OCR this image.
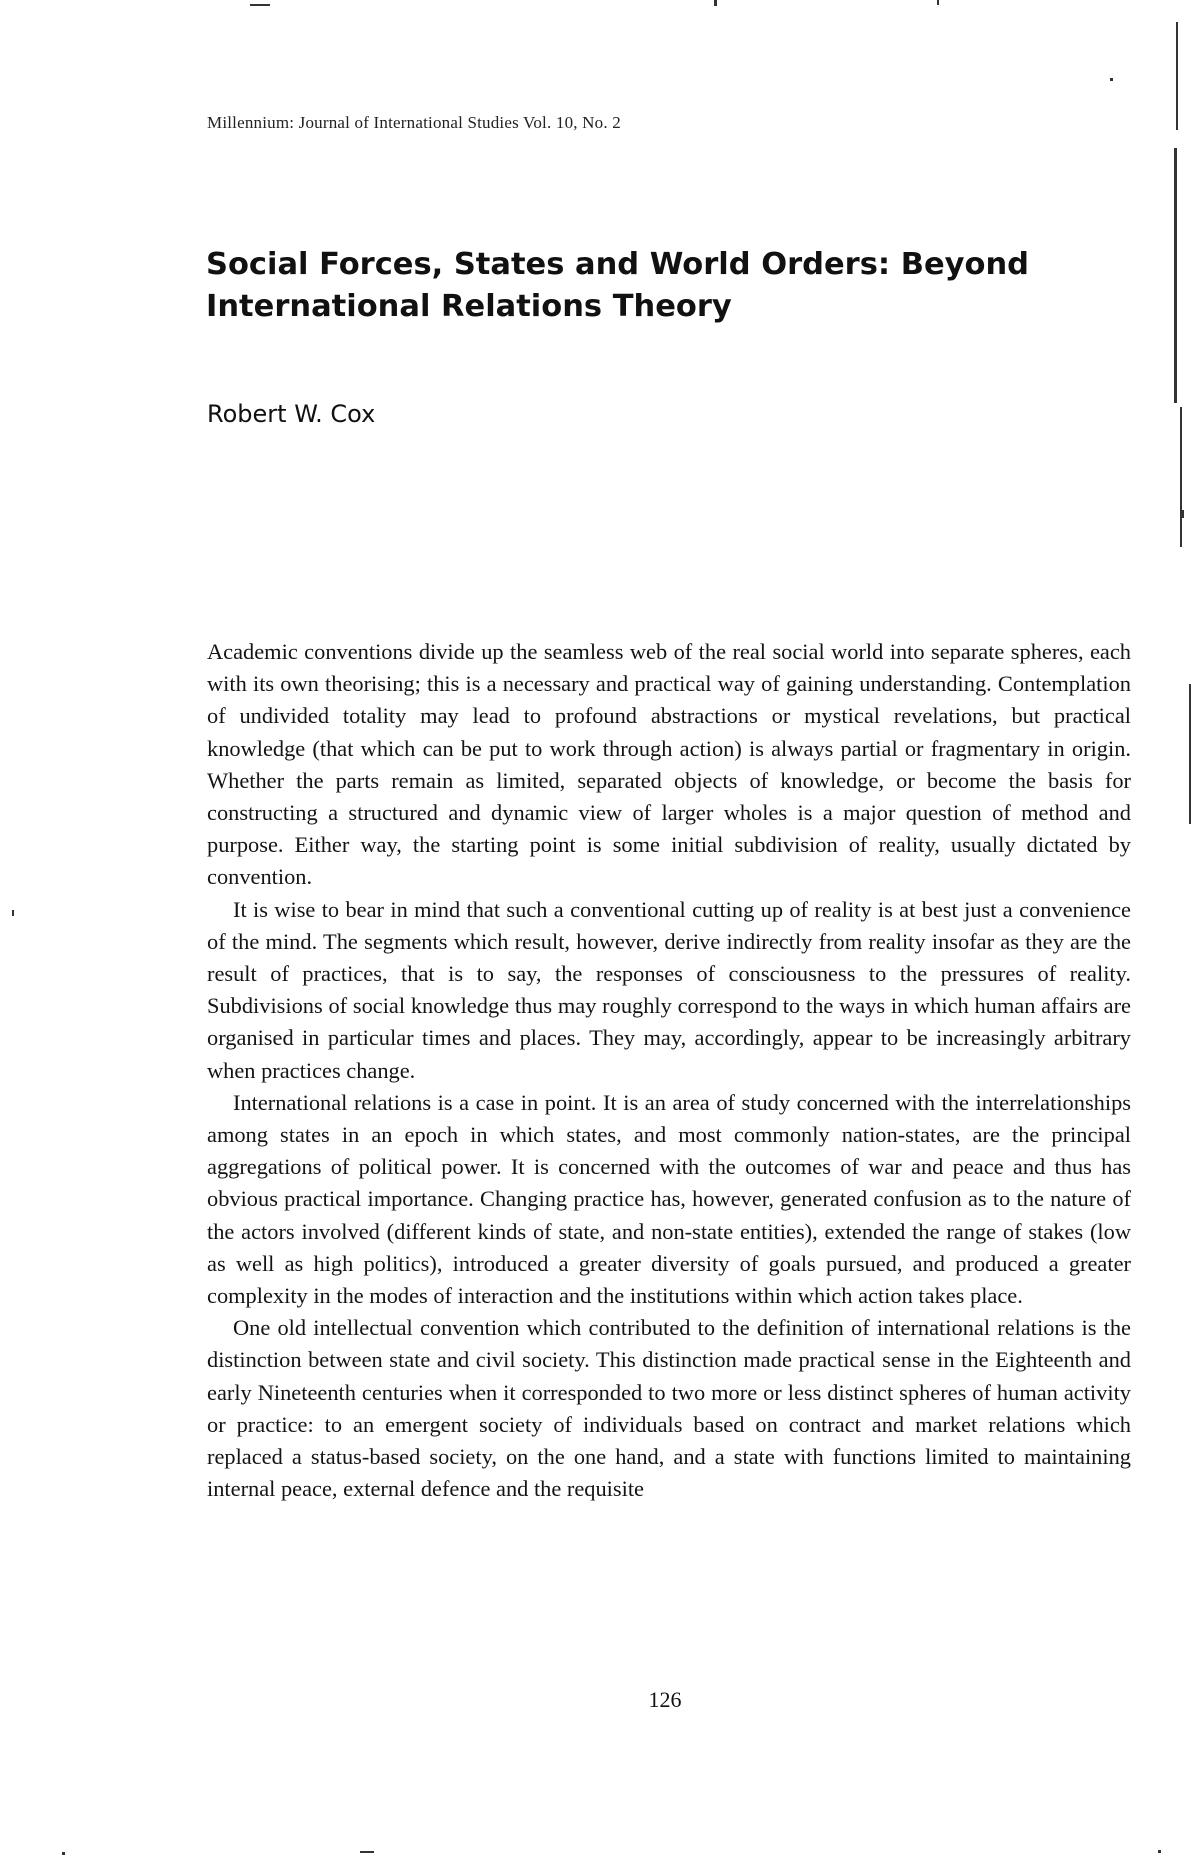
Millennium: Journal of International Studies Vol. 10, No. 2
Social Forces, States and World Orders: Beyond
International Relations Theory
Robert W. Cox

Academic conventions divide up the seamless web of the real social world into separate spheres, each with its own theorising; this is a necessary and practical way of gaining understanding. Contemplation of undivided totality may lead to profound abstractions or mystical revelations, but practical knowledge (that which can be put to work through action) is always partial or fragmentary in origin. Whether the parts remain as limited, separated objects of knowledge, or become the basis for constructing a structured and dynamic view of larger wholes is a major question of method and purpose. Either way, the starting point is some initial subdivision of reality, usually dictated by convention.

It is wise to bear in mind that such a conventional cutting up of reality is at best just a convenience of the mind. The segments which result, however, derive indirectly from reality insofar as they are the result of practices, that is to say, the responses of consciousness to the pressures of reality. Subdivisions of social knowledge thus may roughly correspond to the ways in which human affairs are organised in particular times and places. They may, accordingly, appear to be increasingly arbitrary when practices change.

International relations is a case in point. It is an area of study concerned with the interrelationships among states in an epoch in which states, and most commonly nation-states, are the principal aggregations of political power. It is concerned with the outcomes of war and peace and thus has obvious practical importance. Changing practice has, however, generated confusion as to the nature of the actors involved (different kinds of state, and non-state entities), extended the range of stakes (low as well as high politics), introduced a greater diversity of goals pursued, and produced a greater complexity in the modes of interaction and the institutions within which action takes place.

One old intellectual convention which contributed to the definition of international relations is the distinction between state and civil society. This distinction made practical sense in the Eighteenth and early Nineteenth centuries when it corresponded to two more or less distinct spheres of human activity or practice: to an emergent society of individuals based on contract and market relations which replaced a status-based society, on the one hand, and a state with functions limited to maintaining internal peace, external defence and the requisite

126
